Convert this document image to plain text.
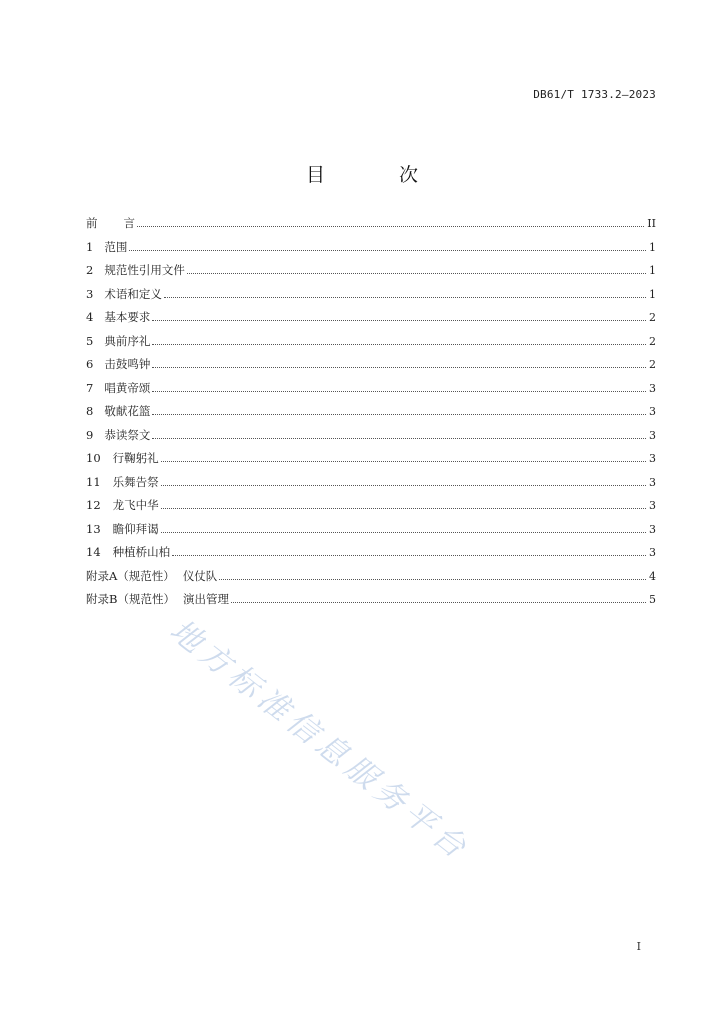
DB61/T 1733.2—2023
目 次
前 言	II
1 范围	1
2 规范性引用文件	1
3 术语和定义	1
4 基本要求	2
5 典前序礼	2
6 击鼓鸣钟	2
7 唱黄帝颂	3
8 敬献花篮	3
9 恭读祭文	3
10 行鞠躬礼	3
11 乐舞告祭	3
12 龙飞中华	3
13 瞻仰拜谒	3
14 种植桥山柏	3
附录A（规范性） 仪仗队	4
附录B（规范性） 演出管理	5
地方标准信息服务平台
I
